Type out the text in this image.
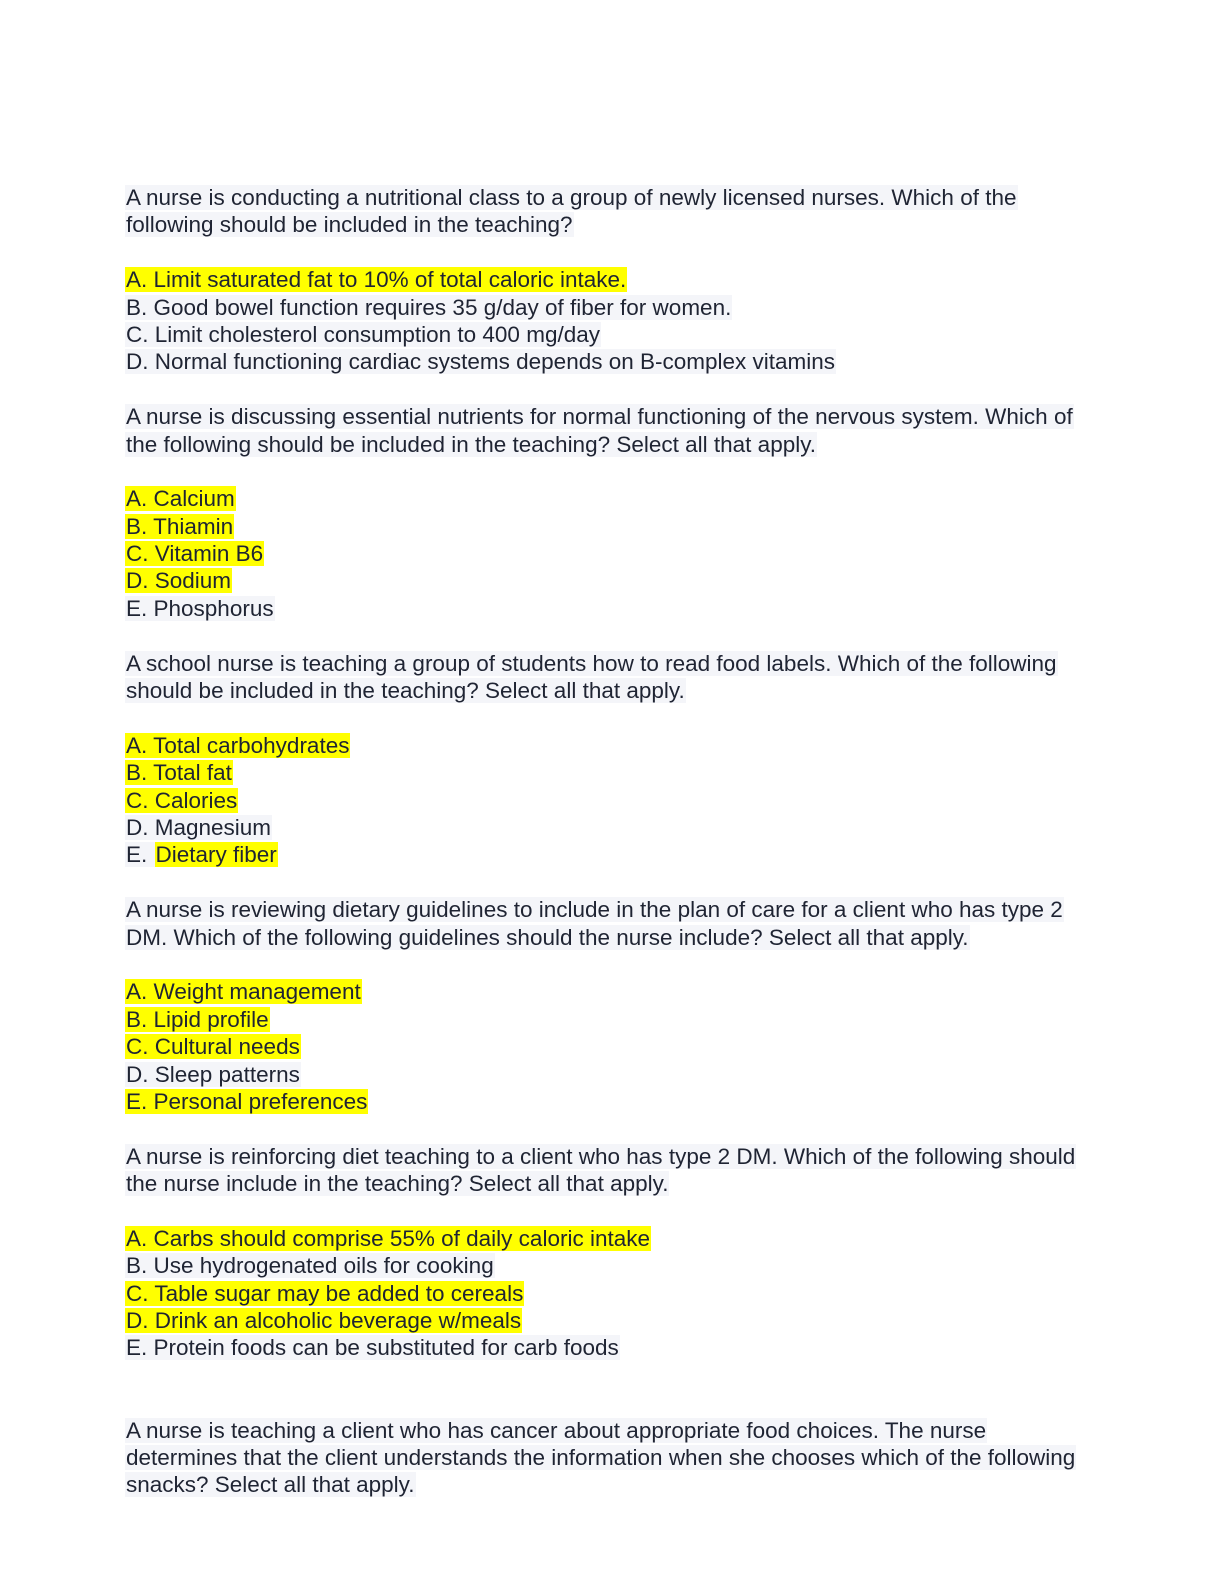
A nurse is conducting a nutritional class to a group of newly licensed nurses. Which of the
following should be included in the teaching?
A. Limit saturated fat to 10% of total caloric intake.
B. Good bowel function requires 35 g/day of fiber for women.
C. Limit cholesterol consumption to 400 mg/day
D. Normal functioning cardiac systems depends on B-complex vitamins
A nurse is discussing essential nutrients for normal functioning of the nervous system. Which of
the following should be included in the teaching? Select all that apply.
A. Calcium
B. Thiamin
C. Vitamin B6
D. Sodium
E. Phosphorus
A school nurse is teaching a group of students how to read food labels. Which of the following
should be included in the teaching? Select all that apply.
A. Total carbohydrates
B. Total fat
C. Calories
D. Magnesium
E. Dietary fiber
A nurse is reviewing dietary guidelines to include in the plan of care for a client who has type 2
DM. Which of the following guidelines should the nurse include? Select all that apply.
A. Weight management
B. Lipid profile
C. Cultural needs
D. Sleep patterns
E. Personal preferences
A nurse is reinforcing diet teaching to a client who has type 2 DM. Which of the following should
the nurse include in the teaching? Select all that apply.
A. Carbs should comprise 55% of daily caloric intake
B. Use hydrogenated oils for cooking
C. Table sugar may be added to cereals
D. Drink an alcoholic beverage w/meals
E. Protein foods can be substituted for carb foods
A nurse is teaching a client who has cancer about appropriate food choices. The nurse
determines that the client understands the information when she chooses which of the following
snacks? Select all that apply.
